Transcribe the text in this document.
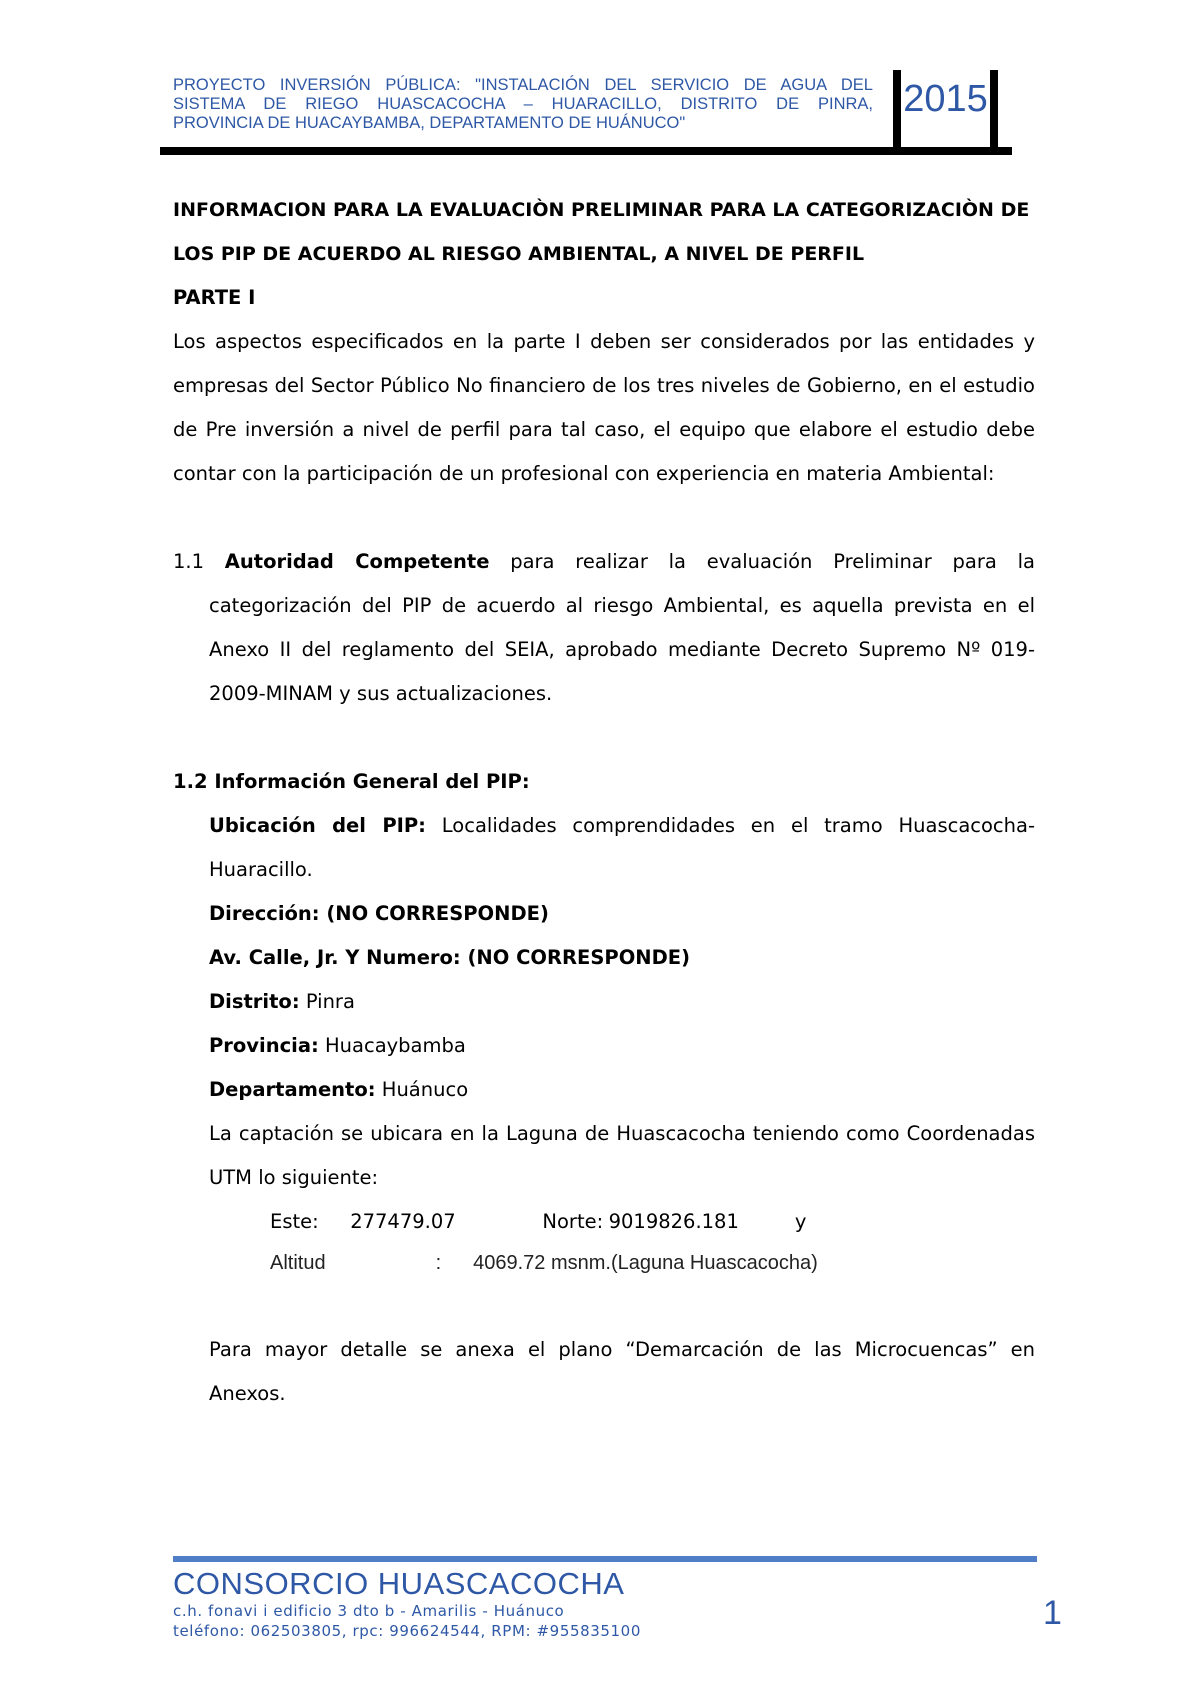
PROYECTO INVERSIÓN PÚBLICA: "INSTALACIÓN DEL SERVICIO DE AGUA DEL
SISTEMA DE RIEGO HUASCACOCHA – HUARACILLO, DISTRITO DE PINRA,
PROVINCIA DE HUACAYBAMBA, DEPARTAMENTO DE HUÁNUCO"
2015
INFORMACION PARA LA EVALUACIÒN PRELIMINAR PARA LA CATEGORIZACIÒN DE
LOS PIP DE ACUERDO AL RIESGO AMBIENTAL, A NIVEL DE PERFIL
PARTE I
Los aspectos especificados en la parte I deben ser considerados por las entidades y empresas del Sector Público No financiero de los tres niveles de Gobierno, en el estudio de Pre inversión a nivel de perfil para tal caso, el equipo que elabore el estudio debe contar con la participación de un profesional con experiencia en materia Ambiental:
1.1 Autoridad Competente para realizar la evaluación Preliminar para la categorización del PIP de acuerdo al riesgo Ambiental, es aquella prevista en el Anexo II del reglamento del SEIA, aprobado mediante Decreto Supremo Nº 019-2009-MINAM y sus actualizaciones.
1.2 Información General del PIP:
Ubicación del PIP: Localidades comprendidades en el tramo Huascacocha-Huaracillo.
Dirección: (NO CORRESPONDE)
Av. Calle, Jr. Y Numero: (NO CORRESPONDE)
Distrito: Pinra
Provincia: Huacaybamba
Departamento: Huánuco
La captación se ubicara en la Laguna de Huascacocha teniendo como Coordenadas UTM lo siguiente:
Este: 277479.07	Norte: 9019826.181	y
Altitud	: 4069.72 msnm.(Laguna Huascacocha)
Para mayor detalle se anexa el plano “Demarcación de las Microcuencas” en Anexos.
CONSORCIO HUASCACOCHA
c.h. fonavi i edificio 3 dto b - Amarilis - Huánuco
teléfono: 062503805, rpc: 996624544, RPM: #955835100	1
